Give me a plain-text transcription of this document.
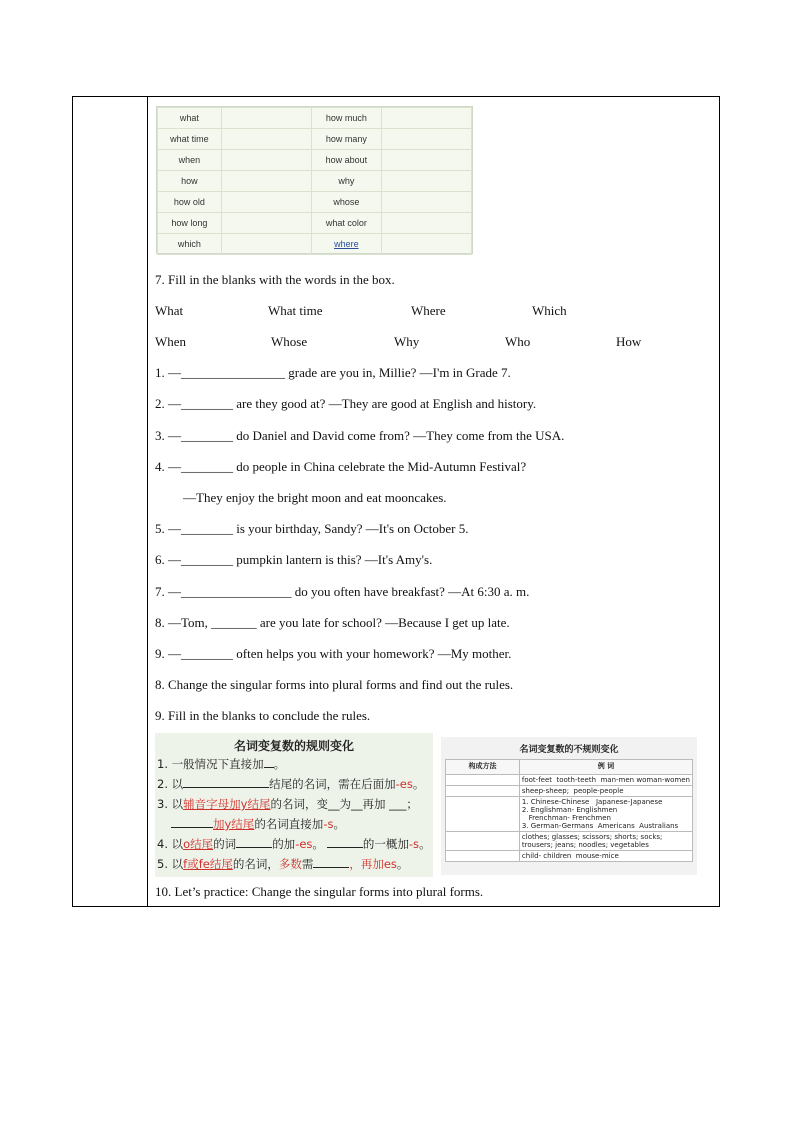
what		how much	
what time		how many	
when		how about	
how		why	
how old		whose	
how long		what color	
which		where	
7. Fill in the blanks with the words in the box.
What	What time	Where	Which
When	Whose	Why	Who	How
1. —________________ grade are you in, Millie? —I'm in Grade 7.
2. —________ are they good at? —They are good at English and history.
3. —________ do Daniel and David come from? —They come from the USA.
4. —________ do people in China celebrate the Mid-Autumn Festival?
—They enjoy the bright moon and eat mooncakes.
5. —________ is your birthday, Sandy? —It's on October 5.
6. —________ pumpkin lantern is this? —It's Amy's.
7. —_________________ do you often have breakfast? —At 6:30 a. m.
8. —Tom, _______ are you late for school? —Because I get up late.
9. —________ often helps you with your homework? —My mother.
8. Change the singular forms into plural forms and find out the rules.
9. Fill in the blanks to conclude the rules.
名词变复数的规则变化
1. 一般情况下直接加 。
2. 以	结尾的名词，需在后面加-es。
3. 以辅音字母加y结尾的名词，变__为__再加 ___；
加y结尾的名词直接加-s。
4. 以o结尾的词	的加-es。	的一概加-s。
5. 以f或fe结尾的名词，多数需	，再加es。
名词变复数的不规则变化
构成方法	例 词

	foot-feet  tooth-teeth  man-men woman-women

	sheep-sheep;  people-people

	1. Chinese-Chinese   Japanese-Japanese
2. Englishman- Englishmen
Frenchman- Frenchmen
3. German-Germans  Americans  Australians

	clothes; glasses; scissors; shorts; socks;
trousers; jeans; noodles; vegetables

	child- children  mouse-mice
10. Let’s practice: Change the singular forms into plural forms.
